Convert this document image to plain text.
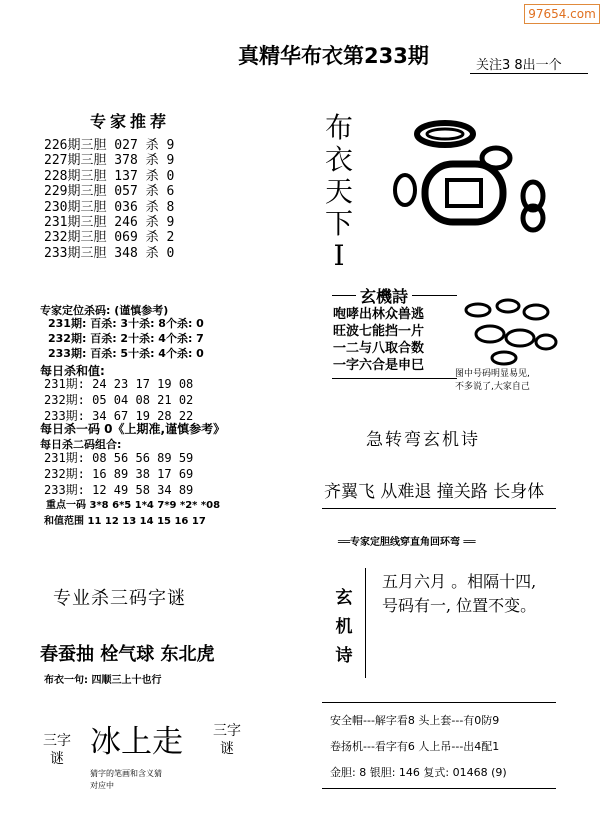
97654.com
真精华布衣第233期	关注3 8出一个
专家推荐
226期三胆 027 杀 9
227期三胆 378 杀 9
228期三胆 137 杀 0
229期三胆 057 杀 6
230期三胆 036 杀 8
231期三胆 246 杀 9
232期三胆 069 杀 2
233期三胆 348 杀 0
布
衣
天
下
I
玄機詩
咆哮出林众兽逃
旺波七能挡一片
一二与八取合数
一字六合是申巳
图中号码明显易见,
不多说了,大家自己
专家定位杀码: (谨慎参考)
231期: 百杀: 3十杀: 8个杀: 0
232期: 百杀: 2十杀: 4个杀: 7
233期: 百杀: 5十杀: 4个杀: 0
每日杀和值:
231期: 24 23 17 19 08
232期: 05 04 08 21 02
233期: 34 67 19 28 22
每日杀一码 0《上期准,谨慎参考》
每日杀二码组合:
231期: 08 56 56 89 59
232期: 16 89 38 17 69
233期: 12 49 58 34 89
重点一码 3*8 6*5 1*4 7*9 *2* *08
和值范围 11 12 13 14 15 16 17
急转弯玄机诗
齐翼飞 从难退 撞关路 长身体
══专家定胆线穿直角回环弯 ══
专业杀三码字谜
春蚕抽 栓气球 东北虎
布衣一句: 四顺三上十也行
三字
谜 冰上走 三字
谜
猜字的笔画和含义猜
对应中
玄
机
诗
五月六月 。相隔十四,
号码有一, 位置不变。
安全帽---解字看8 头上套---有0防9
卷扬机---看字有6 人上吊---出4配1
金胆: 8 银胆: 146 复式: 01468 (9)
